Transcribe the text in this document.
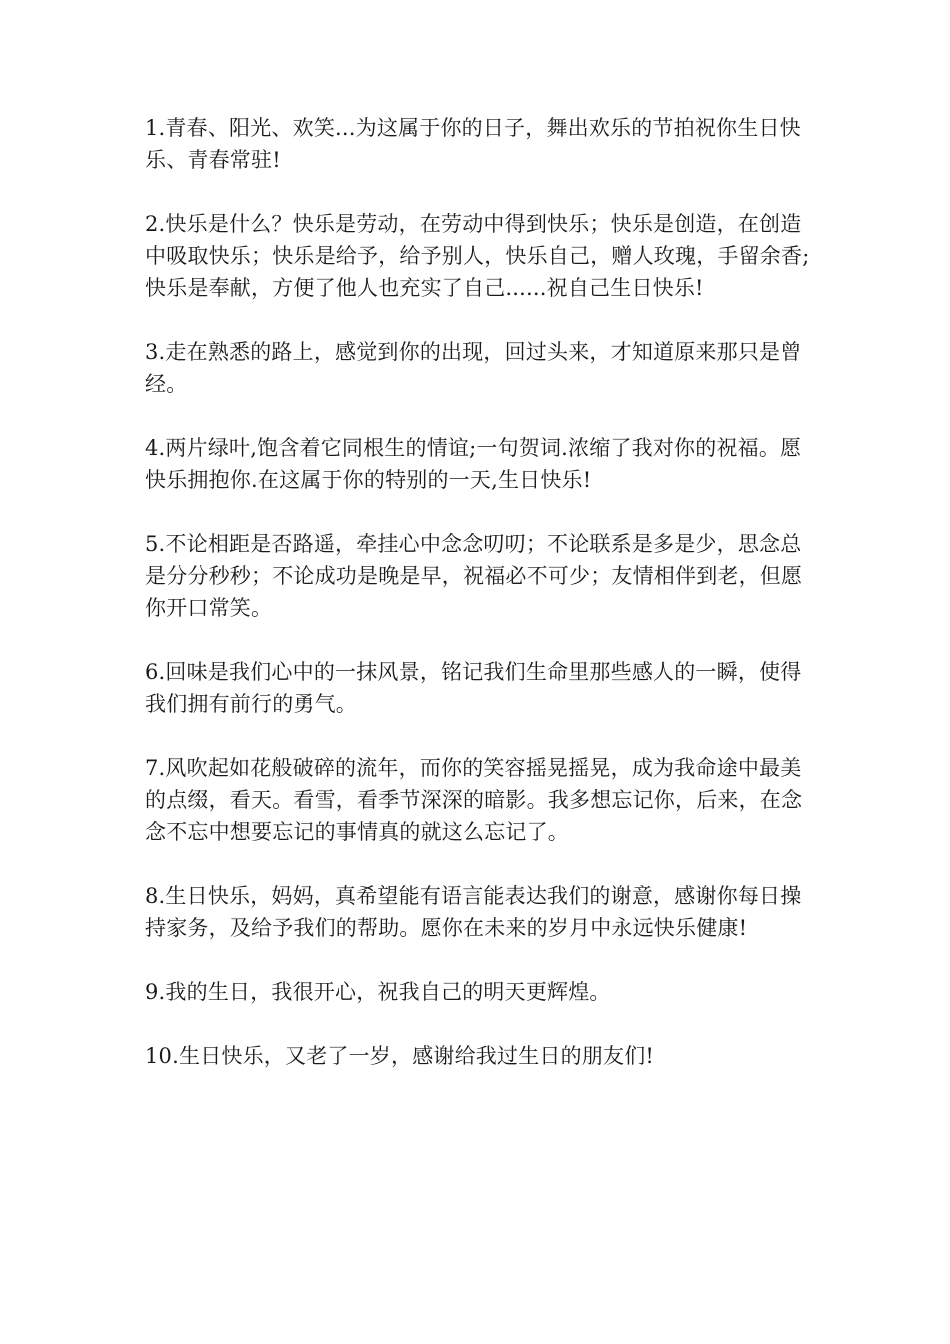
1.青春、阳光、欢笑...为这属于你的日子，舞出欢乐的节拍祝你生日快乐、青春常驻!

2.快乐是什么？快乐是劳动，在劳动中得到快乐；快乐是创造，在创造中吸取快乐；快乐是给予，给予别人，快乐自己，赠人玫瑰，手留余香;快乐是奉献，方便了他人也充实了自己......祝自己生日快乐!

3.走在熟悉的路上，感觉到你的出现，回过头来，才知道原来那只是曾经。

4.两片绿叶,饱含着它同根生的情谊;一句贺词.浓缩了我对你的祝福。愿快乐拥抱你.在这属于你的特别的一天,生日快乐!

5.不论相距是否路遥，牵挂心中念念叨叨；不论联系是多是少，思念总是分分秒秒；不论成功是晚是早，祝福必不可少；友情相伴到老，但愿你开口常笑。

6.回味是我们心中的一抹风景，铭记我们生命里那些感人的一瞬，使得我们拥有前行的勇气。

7.风吹起如花般破碎的流年，而你的笑容摇晃摇晃，成为我命途中最美的点缀，看天。看雪，看季节深深的暗影。我多想忘记你，后来，在念念不忘中想要忘记的事情真的就这么忘记了。

8.生日快乐，妈妈，真希望能有语言能表达我们的谢意，感谢你每日操持家务，及给予我们的帮助。愿你在未来的岁月中永远快乐健康!

9.我的生日，我很开心，祝我自己的明天更辉煌。

10.生日快乐，又老了一岁，感谢给我过生日的朋友们!
